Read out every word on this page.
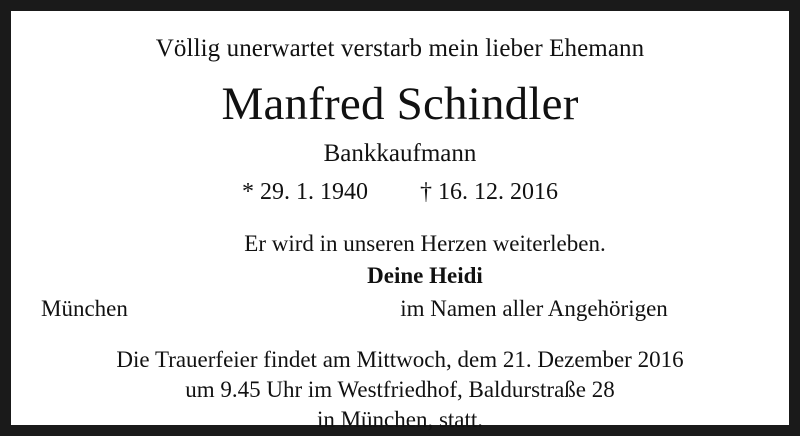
Völlig unerwartet verstarb mein lieber Ehemann
Manfred Schindler
Bankkaufmann
* 29. 1. 1940 † 16. 12. 2016
Er wird in unseren Herzen weiterleben.
Deine Heidi
München	im Namen aller Angehörigen
Die Trauerfeier findet am Mittwoch, dem 21. Dezember 2016
um 9.45 Uhr im Westfriedhof, Baldurstraße 28
in München, statt.
